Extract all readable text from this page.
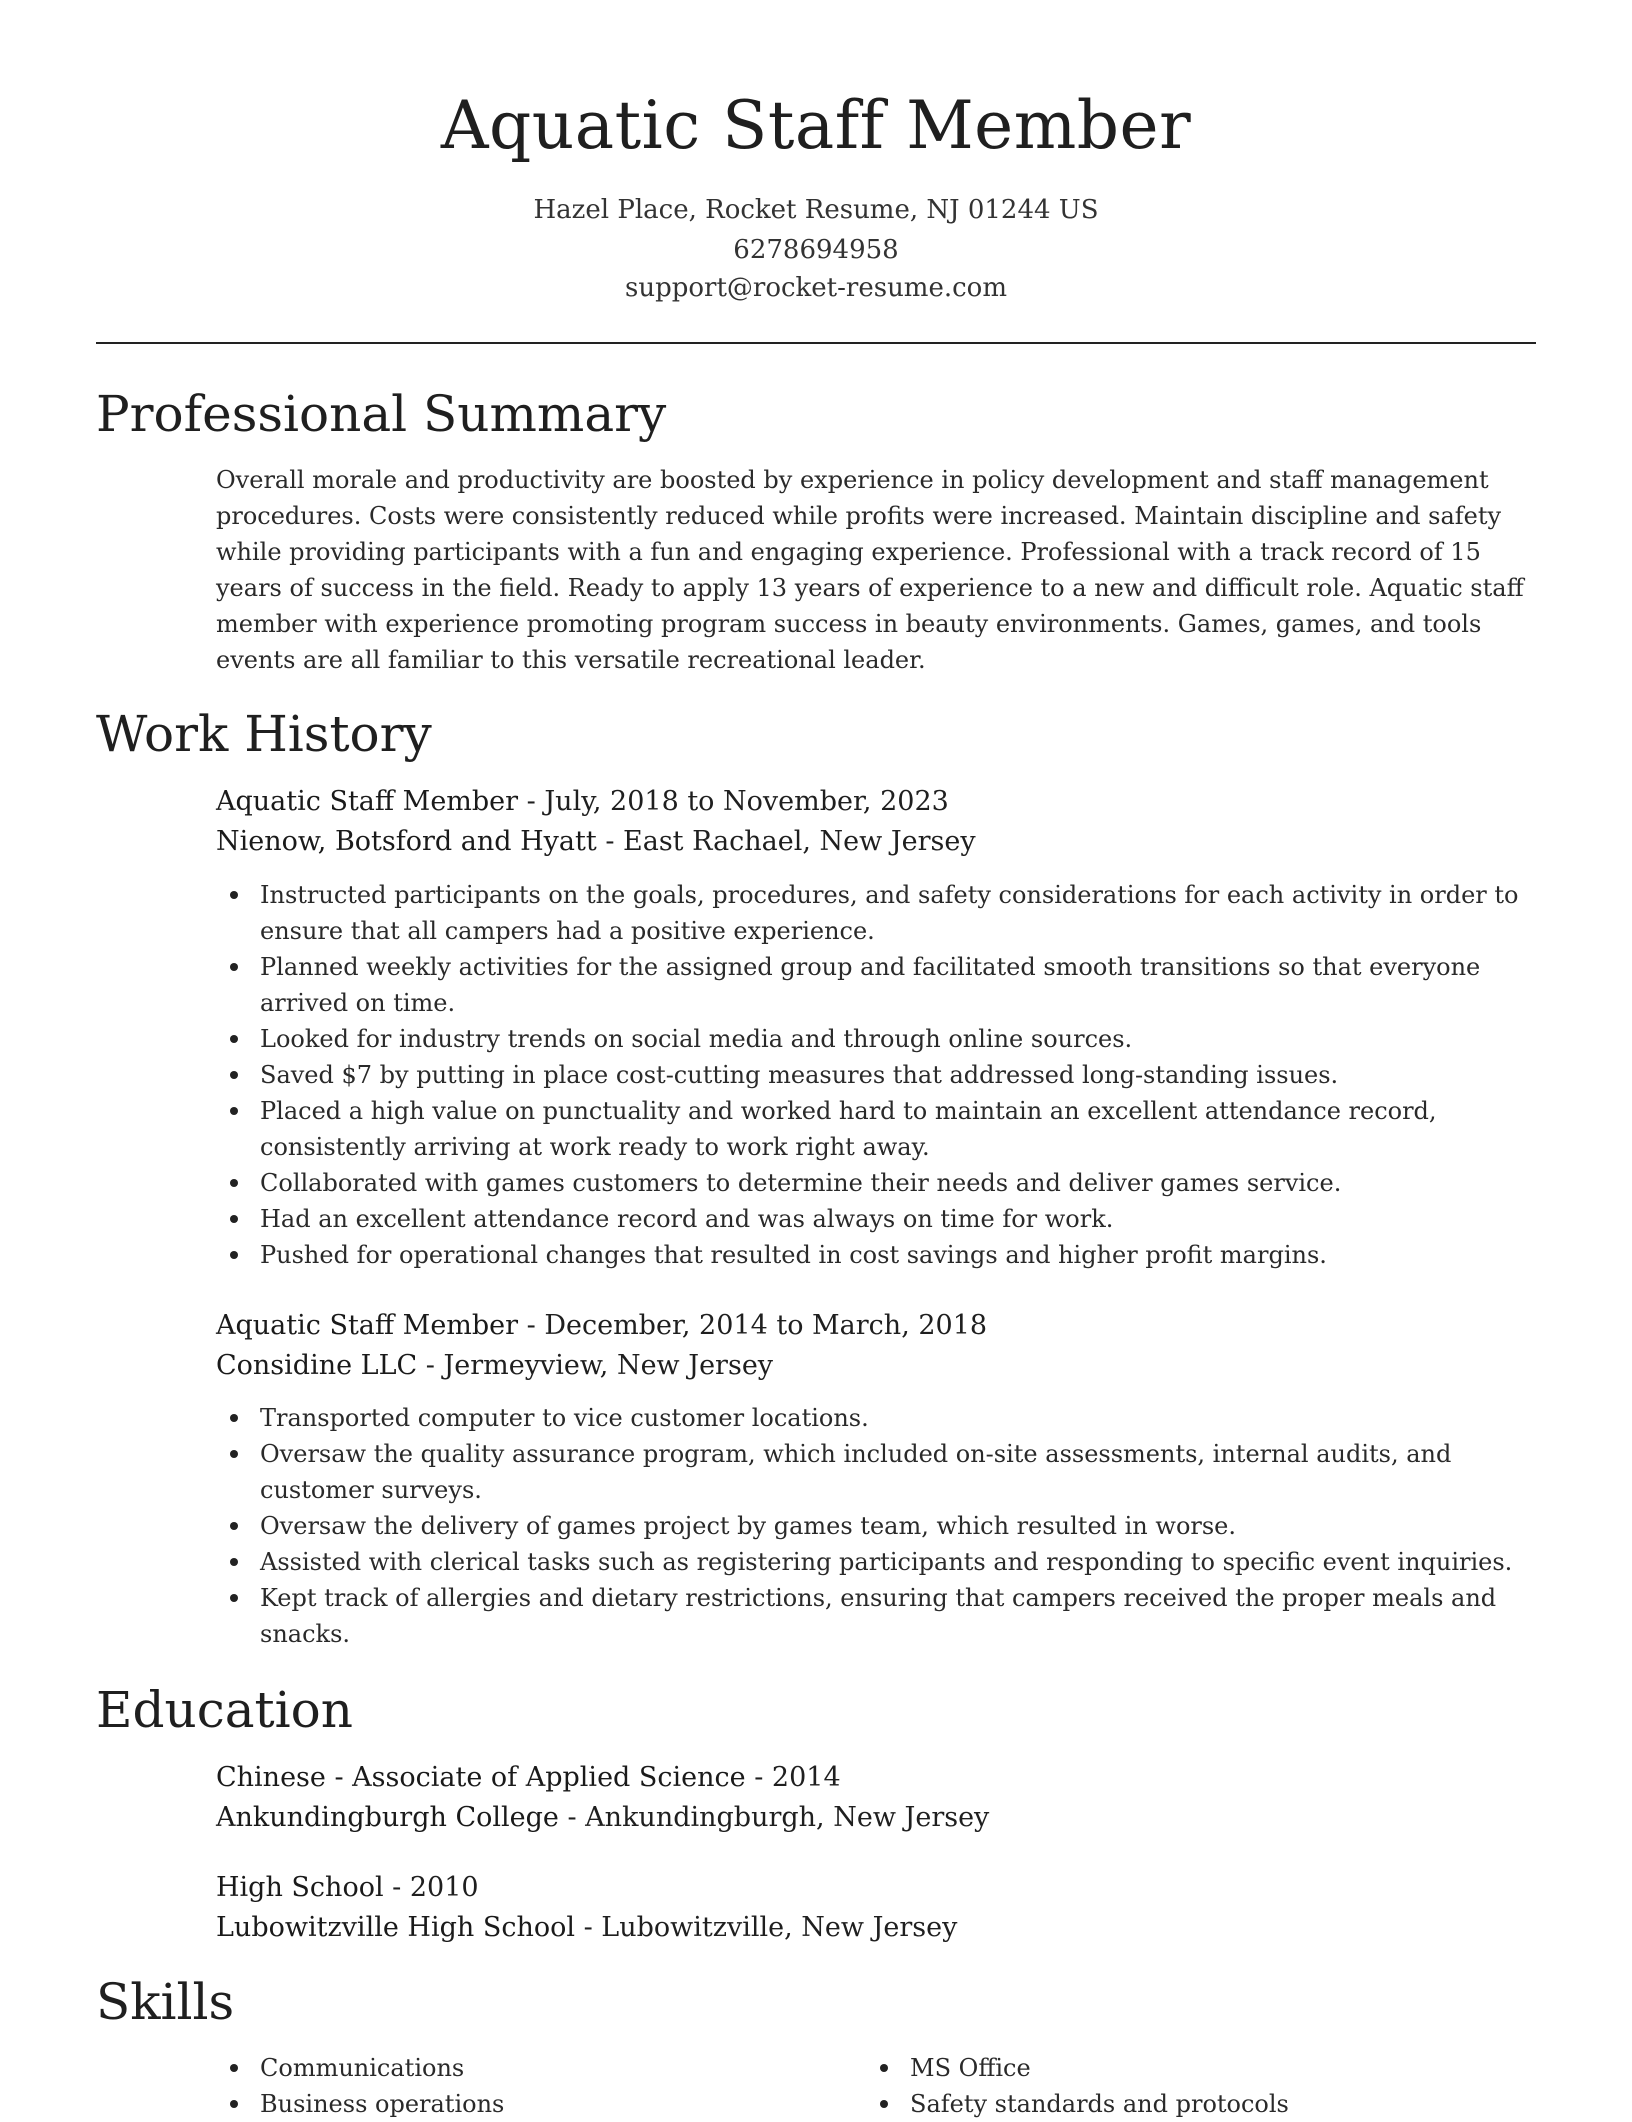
Aquatic Staff Member
Hazel Place, Rocket Resume, NJ 01244 US
6278694958
support@rocket-resume.com
Professional Summary

Overall morale and productivity are boosted by experience in policy development and staff management procedures. Costs were consistently reduced while profits were increased. Maintain discipline and safety while providing participants with a fun and engaging experience. Professional with a track record of 15 years of success in the field. Ready to apply 13 years of experience to a new and difficult role. Aquatic staff member with experience promoting program success in beauty environments. Games, games, and tools events are all familiar to this versatile recreational leader.

Work History
Aquatic Staff Member - July, 2018 to November, 2023
Nienow, Botsford and Hyatt - East Rachael, New Jersey
Instructed participants on the goals, procedures, and safety considerations for each activity in order to ensure that all campers had a positive experience.
Planned weekly activities for the assigned group and facilitated smooth transitions so that everyone arrived on time.
Looked for industry trends on social media and through online sources.
Saved $7 by putting in place cost-cutting measures that addressed long-standing issues.
Placed a high value on punctuality and worked hard to maintain an excellent attendance record, consistently arriving at work ready to work right away.
Collaborated with games customers to determine their needs and deliver games service.
Had an excellent attendance record and was always on time for work.
Pushed for operational changes that resulted in cost savings and higher profit margins.
Aquatic Staff Member - December, 2014 to March, 2018
Considine LLC - Jermeyview, New Jersey
Transported computer to vice customer locations.
Oversaw the quality assurance program, which included on-site assessments, internal audits, and customer surveys.
Oversaw the delivery of games project by games team, which resulted in worse.
Assisted with clerical tasks such as registering participants and responding to specific event inquiries.
Kept track of allergies and dietary restrictions, ensuring that campers received the proper meals and snacks.
Education
Chinese - Associate of Applied Science - 2014
Ankundingburgh College - Ankundingburgh, New Jersey
High School - 2010
Lubowitzville High School - Lubowitzville, New Jersey
Skills
Communications
Business operations
MS Office
Safety standards and protocols
